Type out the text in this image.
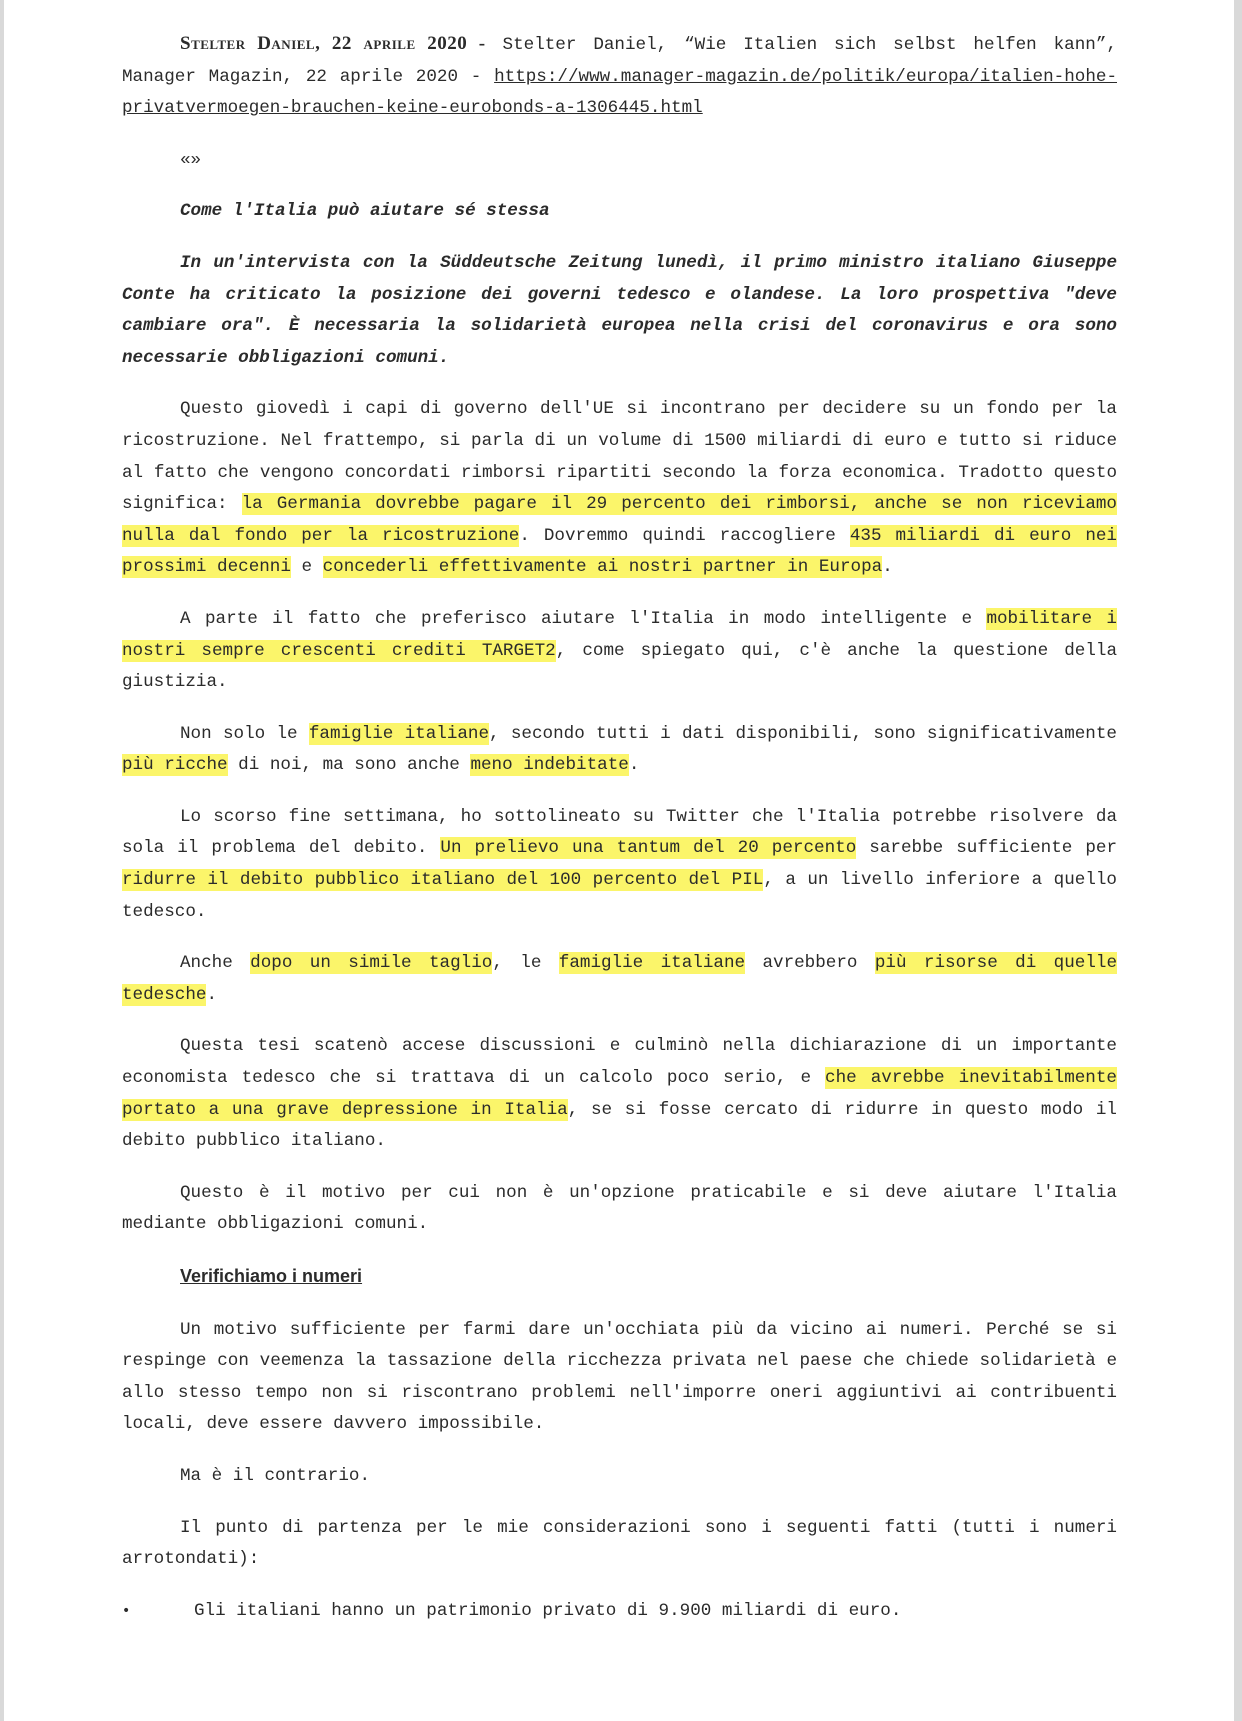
Stelter Daniel, 22 aprile 2020 - Stelter Daniel, “Wie Italien sich selbst helfen kann”, Manager Magazin, 22 aprile 2020 - https://www.manager-magazin.de/politik/europa/italien-hohe-privatvermoegen-brauchen-keine-eurobonds-a-1306445.html

«»

Come l'Italia può aiutare sé stessa

In un'intervista con la Süddeutsche Zeitung lunedì, il primo ministro italiano Giuseppe Conte ha criticato la posizione dei governi tedesco e olandese. La loro prospettiva "deve cambiare ora". È necessaria la solidarietà europea nella crisi del coronavirus e ora sono necessarie obbligazioni comuni.

Questo giovedì i capi di governo dell'UE si incontrano per decidere su un fondo per la ricostruzione. Nel frattempo, si parla di un volume di 1500 miliardi di euro e tutto si riduce al fatto che vengono concordati rimborsi ripartiti secondo la forza economica. Tradotto questo significa: la Germania dovrebbe pagare il 29 percento dei rimborsi, anche se non riceviamo nulla dal fondo per la ricostruzione. Dovremmo quindi raccogliere 435 miliardi di euro nei prossimi decenni e concederli effettivamente ai nostri partner in Europa.

A parte il fatto che preferisco aiutare l'Italia in modo intelligente e mobilitare i nostri sempre crescenti crediti TARGET2, come spiegato qui, c'è anche la questione della giustizia.

Non solo le famiglie italiane, secondo tutti i dati disponibili, sono significativamente più ricche di noi, ma sono anche meno indebitate.

Lo scorso fine settimana, ho sottolineato su Twitter che l'Italia potrebbe risolvere da sola il problema del debito. Un prelievo una tantum del 20 percento sarebbe sufficiente per ridurre il debito pubblico italiano del 100 percento del PIL, a un livello inferiore a quello tedesco.

Anche dopo un simile taglio, le famiglie italiane avrebbero più risorse di quelle tedesche.

Questa tesi scatenò accese discussioni e culminò nella dichiarazione di un importante economista tedesco che si trattava di un calcolo poco serio, e che avrebbe inevitabilmente portato a una grave depressione in Italia, se si fosse cercato di ridurre in questo modo il debito pubblico italiano.

Questo è il motivo per cui non è un'opzione praticabile e si deve aiutare l'Italia mediante obbligazioni comuni.

Verifichiamo i numeri

Un motivo sufficiente per farmi dare un'occhiata più da vicino ai numeri. Perché se si respinge con veemenza la tassazione della ricchezza privata nel paese che chiede solidarietà e allo stesso tempo non si riscontrano problemi nell'imporre oneri aggiuntivi ai contribuenti locali, deve essere davvero impossibile.

Ma è il contrario.

Il punto di partenza per le mie considerazioni sono i seguenti fatti (tutti i numeri arrotondati):

•	Gli italiani hanno un patrimonio privato di 9.900 miliardi di euro.
